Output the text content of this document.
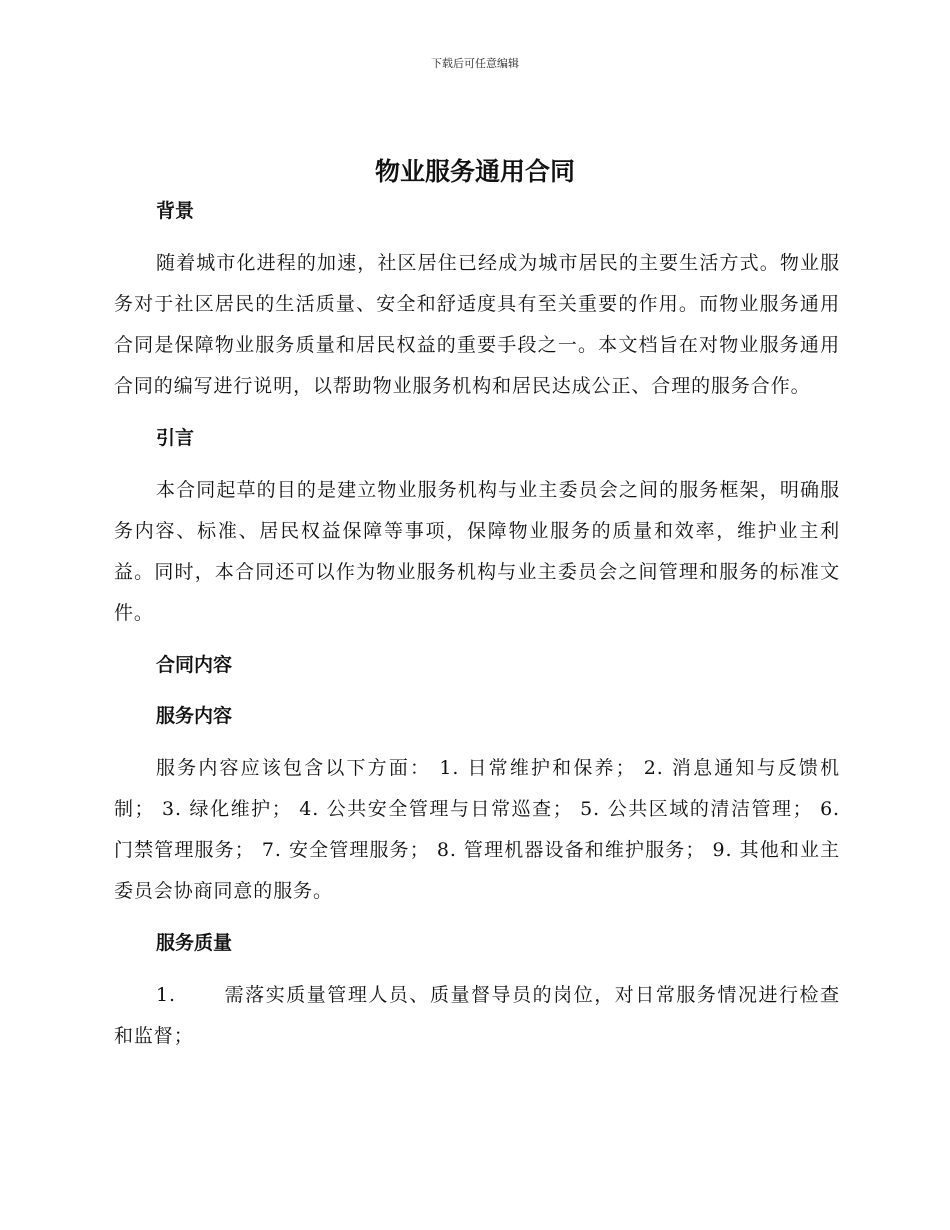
下载后可任意编辑
物业服务通用合同
背景

随着城市化进程的加速，社区居住已经成为城市居民的主要生活方式。物业服务对于社区居民的生活质量、安全和舒适度具有至关重要的作用。而物业服务通用合同是保障物业服务质量和居民权益的重要手段之一。本文档旨在对物业服务通用合同的编写进行说明，以帮助物业服务机构和居民达成公正、合理的服务合作。

引言

本合同起草的目的是建立物业服务机构与业主委员会之间的服务框架，明确服务内容、标准、居民权益保障等事项，保障物业服务的质量和效率，维护业主利益。同时，本合同还可以作为物业服务机构与业主委员会之间管理和服务的标准文件。

合同内容
服务内容

服务内容应该包含以下方面： 1. 日常维护和保养； 2. 消息通知与反馈机制； 3. 绿化维护； 4. 公共安全管理与日常巡查； 5. 公共区域的清洁管理； 6. 门禁管理服务； 7. 安全管理服务； 8. 管理机器设备和维护服务； 9. 其他和业主委员会协商同意的服务。

服务质量

1.	需落实质量管理人员、质量督导员的岗位，对日常服务情况进行检查和监督；
